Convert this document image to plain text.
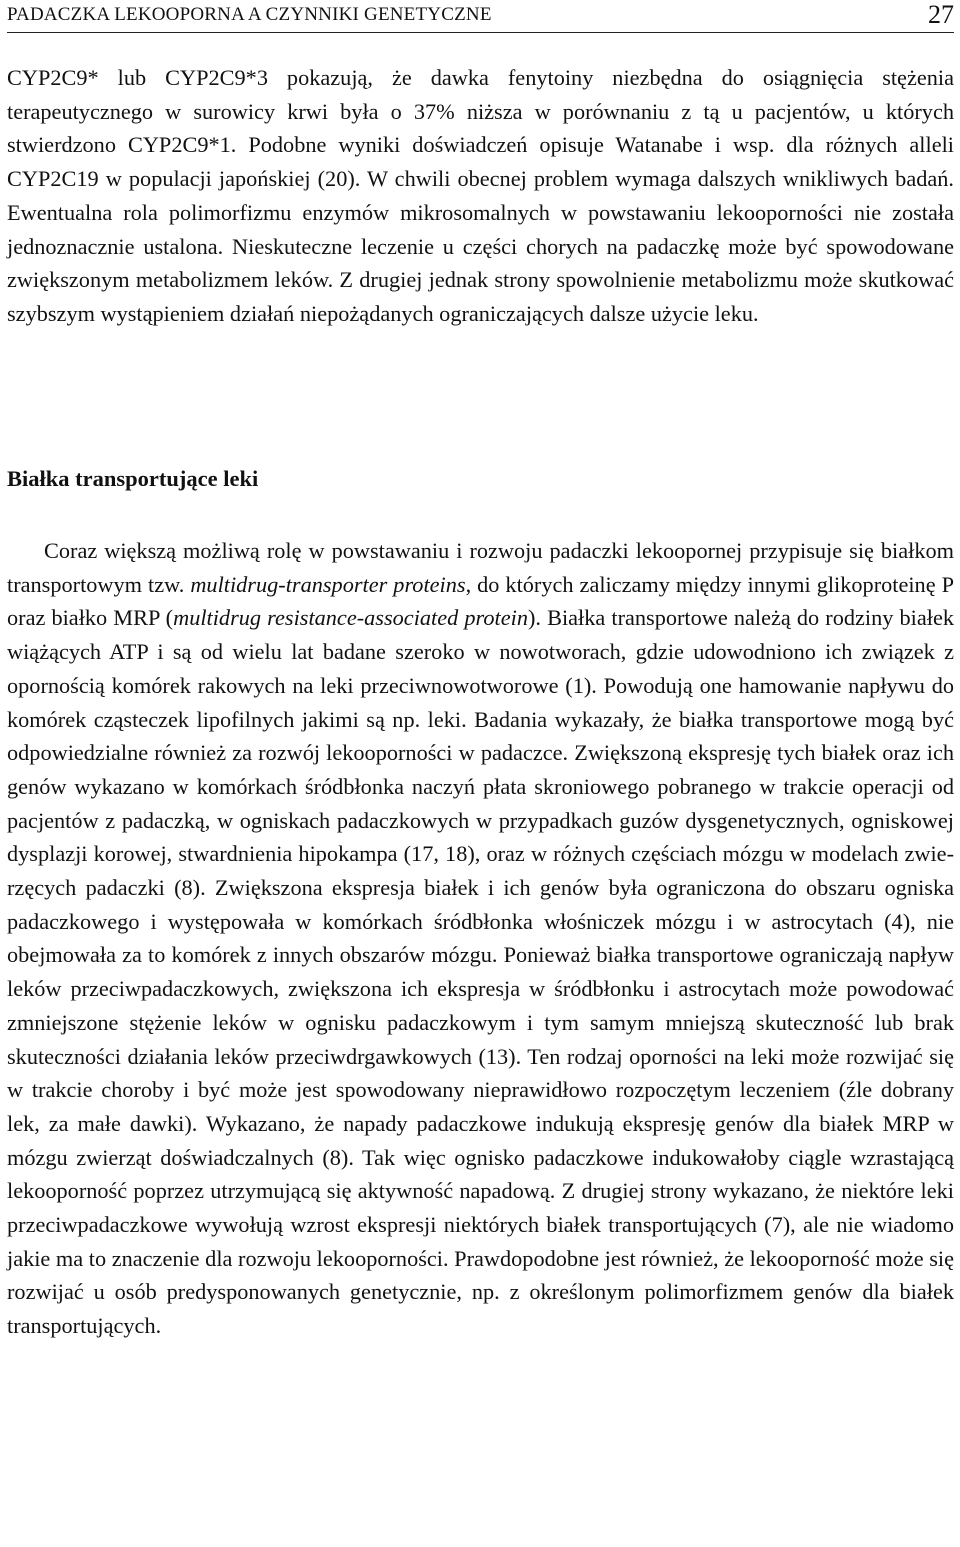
PADACZKA LEKOOPORNA A CZYNNIKI GENETYCZNE	27

CYP2C9* lub CYP2C9*3 pokazują, że dawka fenytoiny niezbędna do osiągnięcia stężenia terapeutycznego w surowicy krwi była o 37% niższa w porównaniu z tą u pacjentów, u których stwierdzono CYP2C9*1. Podobne wyniki doświadczeń opisuje Watanabe i wsp. dla różnych alleli CYP2C19 w populacji japońskiej (20). W chwili obecnej problem wymaga dalszych wnikliwych badań. Ewentualna rola polimorfizmu enzymów mikrosomalnych w powstawaniu lekooporności nie została jednoznacznie ustalona. Nieskuteczne leczenie u części chorych na padaczkę może być spowodowane zwiększonym metabolizmem leków. Z drugiej jednak strony spowolnienie metabolizmu może skutkować szybszym wystąpieniem działań niepożądanych ograniczających dalsze użycie leku.

Białka transportujące leki

Coraz większą możliwą rolę w powstawaniu i rozwoju padaczki lekoopornej przypisuje się białkom transportowym tzw. multidrug-transporter proteins, do których zaliczamy między innymi glikoproteinę P oraz białko MRP (multidrug resistance-associated protein). Białka transportowe należą do rodziny białek wiążących ATP i są od wielu lat badane szeroko w nowotworach, gdzie udowodniono ich związek z opornością komórek rakowych na leki przeciwnowotworowe (1). Powodują one hamowanie napływu do komórek cząsteczek lipofilnych jakimi są np. leki. Badania wykazały, że białka transportowe mogą być odpowiedzialne również za rozwój lekooporności w padaczce. Zwiększoną ekspresję tych białek oraz ich genów wykazano w komórkach śródbłonka naczyń płata skroniowego pobranego w trakcie operacji od pacjentów z padaczką, w ogniskach padaczkowych w przypadkach guzów dysgenetycznych, ogniskowej dysplazji korowej, stwardnienia hipokampa (17, 18), oraz w różnych częściach mózgu w modelach zwierzęcych padaczki (8). Zwiększona ekspresja białek i ich genów była ograniczona do obszaru ogniska padaczkowego i występowała w komórkach śródbłonka włośniczek mózgu i w astrocytach (4), nie obejmowała za to komórek z innych obszarów mózgu. Ponieważ białka transportowe ograniczają napływ leków przeciwpadaczkowych, zwiększona ich ekspresja w śródbłonku i astrocytach może powodować zmniejszone stężenie leków w ognisku padaczkowym i tym samym mniejszą skuteczność lub brak skuteczności działania leków przeciwdrgawkowych (13). Ten rodzaj oporności na leki może rozwijać się w trakcie choroby i być może jest spowodowany nieprawidłowo rozpoczętym leczeniem (źle dobrany lek, za małe dawki). Wykazano, że napady padaczkowe indukują ekspresję genów dla białek MRP w mózgu zwierząt doświadczalnych (8). Tak więc ognisko padaczkowe indukowałoby ciągle wzrastającą lekooporność poprzez utrzymującą się aktywność napadową. Z drugiej strony wykazano, że niektóre leki przeciwpadaczkowe wywołują wzrost ekspresji niektórych białek transportujących (7), ale nie wiadomo jakie ma to znaczenie dla rozwoju lekooporności. Prawdopodobne jest również, że lekooporność może się rozwijać u osób predysponowanych genetycznie, np. z określonym polimorfizmem genów dla białek transportujących.
